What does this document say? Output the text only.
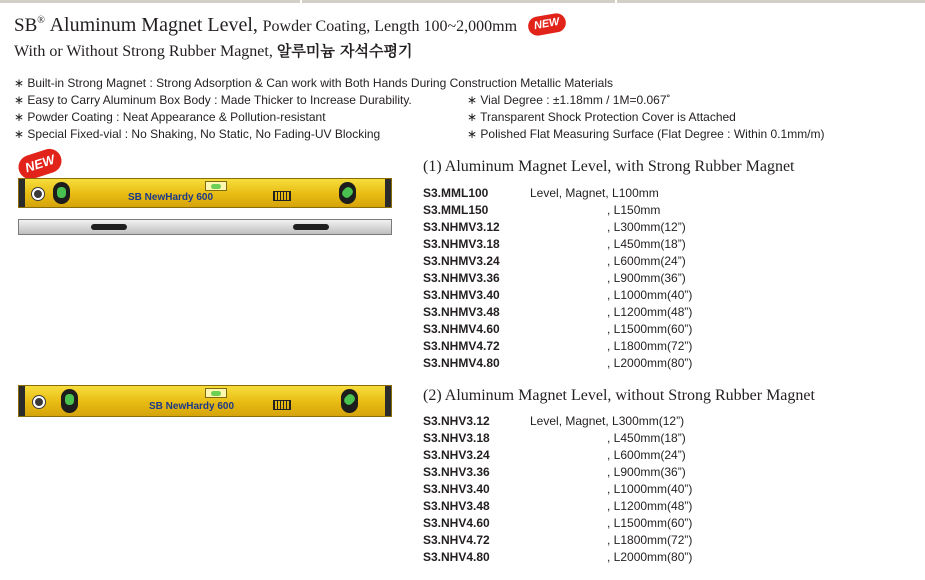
SB® Aluminum Magnet Level, Powder Coating, Length 100~2,000mm NEW
With or Without Strong Rubber Magnet, 알루미늄 자석수평기
∗ Built-in Strong Magnet : Strong Adsorption & Can work with Both Hands During Construction Metallic Materials
∗ Easy to Carry Aluminum Box Body : Made Thicker to Increase Durability.
∗ Powder Coating : Neat Appearance & Pollution-resistant
∗ Special Fixed-vial : No Shaking, No Static, No Fading-UV Blocking
∗ Vial Degree : ±1.18mm / 1M=0.067˚
∗ Transparent Shock Protection Cover is Attached
∗ Polished Flat Measuring Surface (Flat Degree : Within 0.1mm/m)
NEW
SB NewHardy 600
SB NewHardy 600
(1) Aluminum Magnet Level, with Strong Rubber Magnet
S3.MML100	Level, Magnet, L100mm
S3.MML150	, L150mm
S3.NHMV3.12	, L300mm(12”)
S3.NHMV3.18	, L450mm(18”)
S3.NHMV3.24	, L600mm(24”)
S3.NHMV3.36	, L900mm(36”)
S3.NHMV3.40	, L1000mm(40”)
S3.NHMV3.48	, L1200mm(48”)
S3.NHMV4.60	, L1500mm(60”)
S3.NHMV4.72	, L1800mm(72”)
S3.NHMV4.80	, L2000mm(80”)
(2) Aluminum Magnet Level, without Strong Rubber Magnet
S3.NHV3.12	Level, Magnet, L300mm(12”)
S3.NHV3.18	, L450mm(18”)
S3.NHV3.24	, L600mm(24”)
S3.NHV3.36	, L900mm(36”)
S3.NHV3.40	, L1000mm(40”)
S3.NHV3.48	, L1200mm(48”)
S3.NHV4.60	, L1500mm(60”)
S3.NHV4.72	, L1800mm(72”)
S3.NHV4.80	, L2000mm(80”)
